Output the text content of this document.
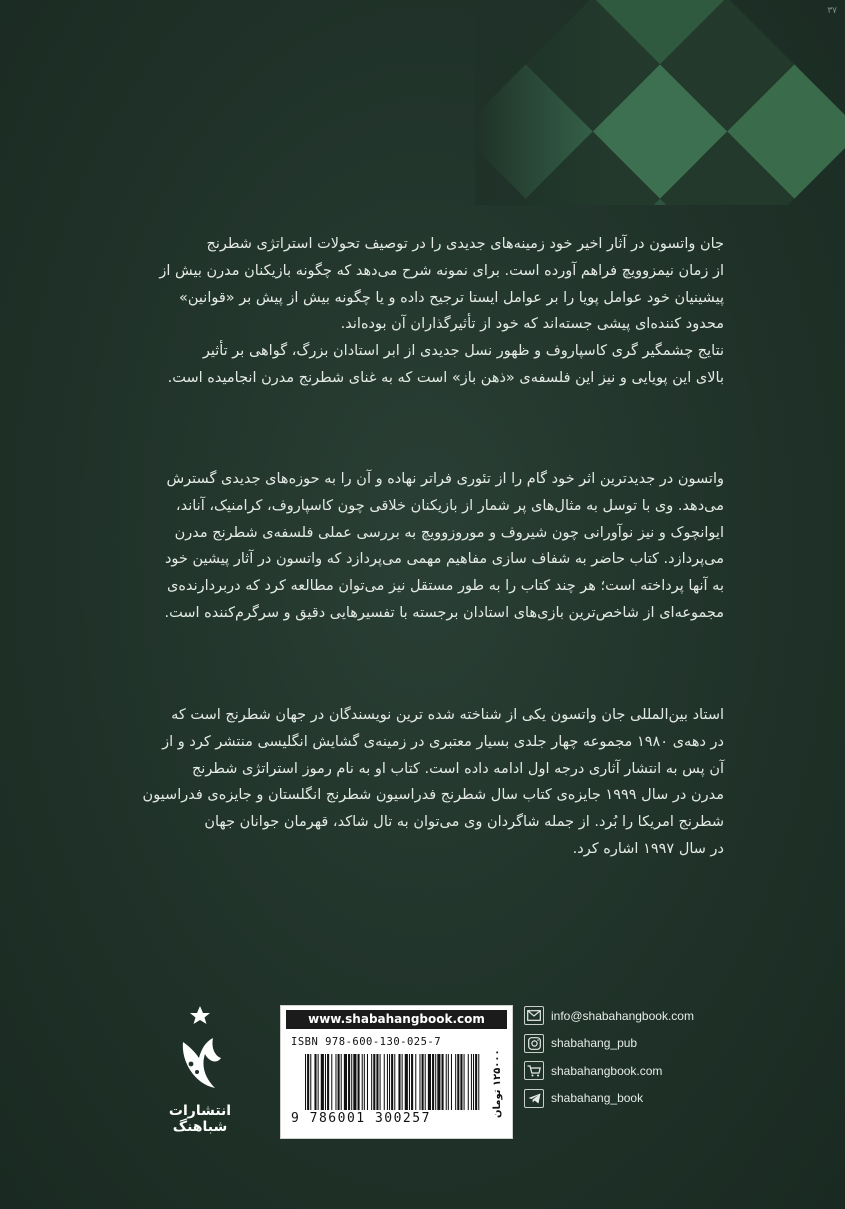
جان واتسون در آثار اخیر خود زمینه‌های جدیدی را در توصیف تحولات استراتژی شطرنج
از زمان نیمزوویچ فراهم آورده است. برای نمونه شرح می‌دهد که چگونه بازیکنان مدرن بیش از
پیشینیان خود عوامل پویا را بر عوامل ایستا ترجیح داده و یا چگونه بیش از پیش بر «قوانین»
محدود کننده‌ای پیشی جسته‌اند که خود از تأثیرگذاران آن بوده‌اند.
نتایج چشمگیر گری کاسپاروف و ظهور نسل جدیدی از ابر استادان بزرگ، گواهی بر تأثیر
بالای این پویایی و نیز این فلسفه‌ی «ذهن باز» است که به غنای شطرنج مدرن انجامیده است.

واتسون در جدیدترین اثر خود گام را از تئوری فراتر نهاده و آن را به حوزه‌های جدیدی گسترش
می‌دهد. وی با توسل به مثال‌های پر شمار از بازیکنان خلاقی چون کاسپاروف، کرامنیک، آناند،
ایوانچوک و نیز نوآورانی چون شیروف و موروزوویچ به بررسی عملی فلسفه‌ی شطرنج مدرن
می‌پردازد. کتاب حاضر به شفاف سازی مفاهیم مهمی می‌پردازد که واتسون در آثار پیشین خود
به آنها پرداخته است؛ هر چند کتاب را به طور مستقل نیز می‌توان مطالعه کرد که دربردارنده‌ی
مجموعه‌ای از شاخص‌ترین بازی‌های استادان برجسته با تفسیرهایی دقیق و سرگرم‌کننده است.

استاد بین‌المللی جان واتسون یکی از شناخته شده ترین نویسندگان در جهان شطرنج است که
در دهه‌ی ۱۹۸۰ مجموعه چهار جلدی بسیار معتبری در زمینه‌ی گشایش انگلیسی منتشر کرد و از
آن پس به انتشار آثاری درجه اول ادامه داده است. کتاب او به نام رموز استراتژی شطرنج
مدرن در سال ۱۹۹۹ جایزه‌ی کتاب سال شطرنج فدراسیون شطرنج انگلستان و جایزه‌ی فدراسیون
شطرنج امریکا را بُرد. از جمله شاگردان وی می‌توان به تال شاکد، قهرمان جوانان جهان
در سال ۱۹۹۷ اشاره کرد.

انتشارات شباهنگ
www.shabahangbook.com
ISBN 978-600-130-025-7
9 786001 300257
۱۲۵۰۰۰ تومان
info@shabahangbook.com
shabahang_pub
shabahangbook.com
shabahang_book
